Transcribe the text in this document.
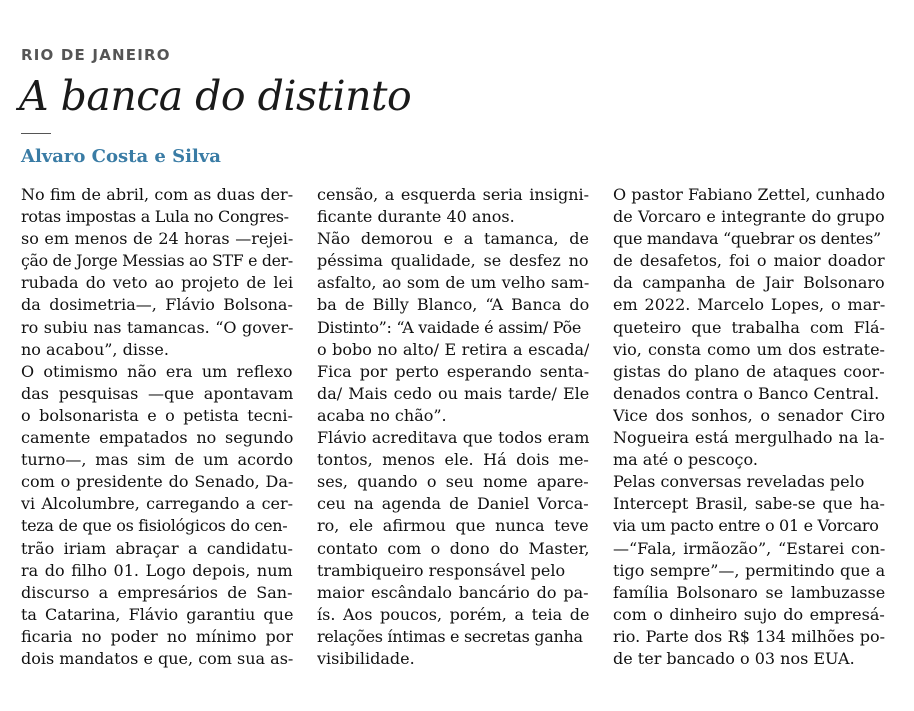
RIO DE JANEIRO
A banca do distinto
Alvaro Costa e Silva
No fim de abril, com as duas der-
rotas impostas a Lula no Congres-
so em menos de 24 horas —rejei-
ção de Jorge Messias ao STF e der-
rubada do veto ao projeto de lei
da dosimetria—, Flávio Bolsona-
ro subiu nas tamancas. “O gover-
no acabou”, disse.
O otimismo não era um reflexo
das pesquisas —que apontavam
o bolsonarista e o petista tecni-
camente empatados no segundo
turno—, mas sim de um acordo
com o presidente do Senado, Da-
vi Alcolumbre, carregando a cer-
teza de que os fisiológicos do cen-
trão iriam abraçar a candidatu-
ra do filho 01. Logo depois, num
discurso a empresários de San-
ta Catarina, Flávio garantiu que
ficaria no poder no mínimo por
dois mandatos e que, com sua as-
censão, a esquerda seria insigni-
ficante durante 40 anos.
Não demorou e a tamanca, de
péssima qualidade, se desfez no
asfalto, ao som de um velho sam-
ba de Billy Blanco, “A Banca do
Distinto”: “A vaidade é assim/ Põe
o bobo no alto/ E retira a escada/
Fica por perto esperando senta-
da/ Mais cedo ou mais tarde/ Ele
acaba no chão”.
Flávio acreditava que todos eram
tontos, menos ele. Há dois me-
ses, quando o seu nome apare-
ceu na agenda de Daniel Vorca-
ro, ele afirmou que nunca teve
contato com o dono do Master,
trambiqueiro responsável pelo
maior escândalo bancário do pa-
ís. Aos poucos, porém, a teia de
relações íntimas e secretas ganha
visibilidade.
O pastor Fabiano Zettel, cunhado
de Vorcaro e integrante do grupo
que mandava “quebrar os dentes”
de desafetos, foi o maior doador
da campanha de Jair Bolsonaro
em 2022. Marcelo Lopes, o mar-
queteiro que trabalha com Flá-
vio, consta como um dos estrate-
gistas do plano de ataques coor-
denados contra o Banco Central.
Vice dos sonhos, o senador Ciro
Nogueira está mergulhado na la-
ma até o pescoço.
Pelas conversas reveladas pelo
Intercept Brasil, sabe-se que ha-
via um pacto entre o 01 e Vorcaro
—“Fala, irmãozão”, “Estarei con-
tigo sempre”—, permitindo que a
família Bolsonaro se lambuzasse
com o dinheiro sujo do empresá-
rio. Parte dos R$ 134 milhões po-
de ter bancado o 03 nos EUA.
